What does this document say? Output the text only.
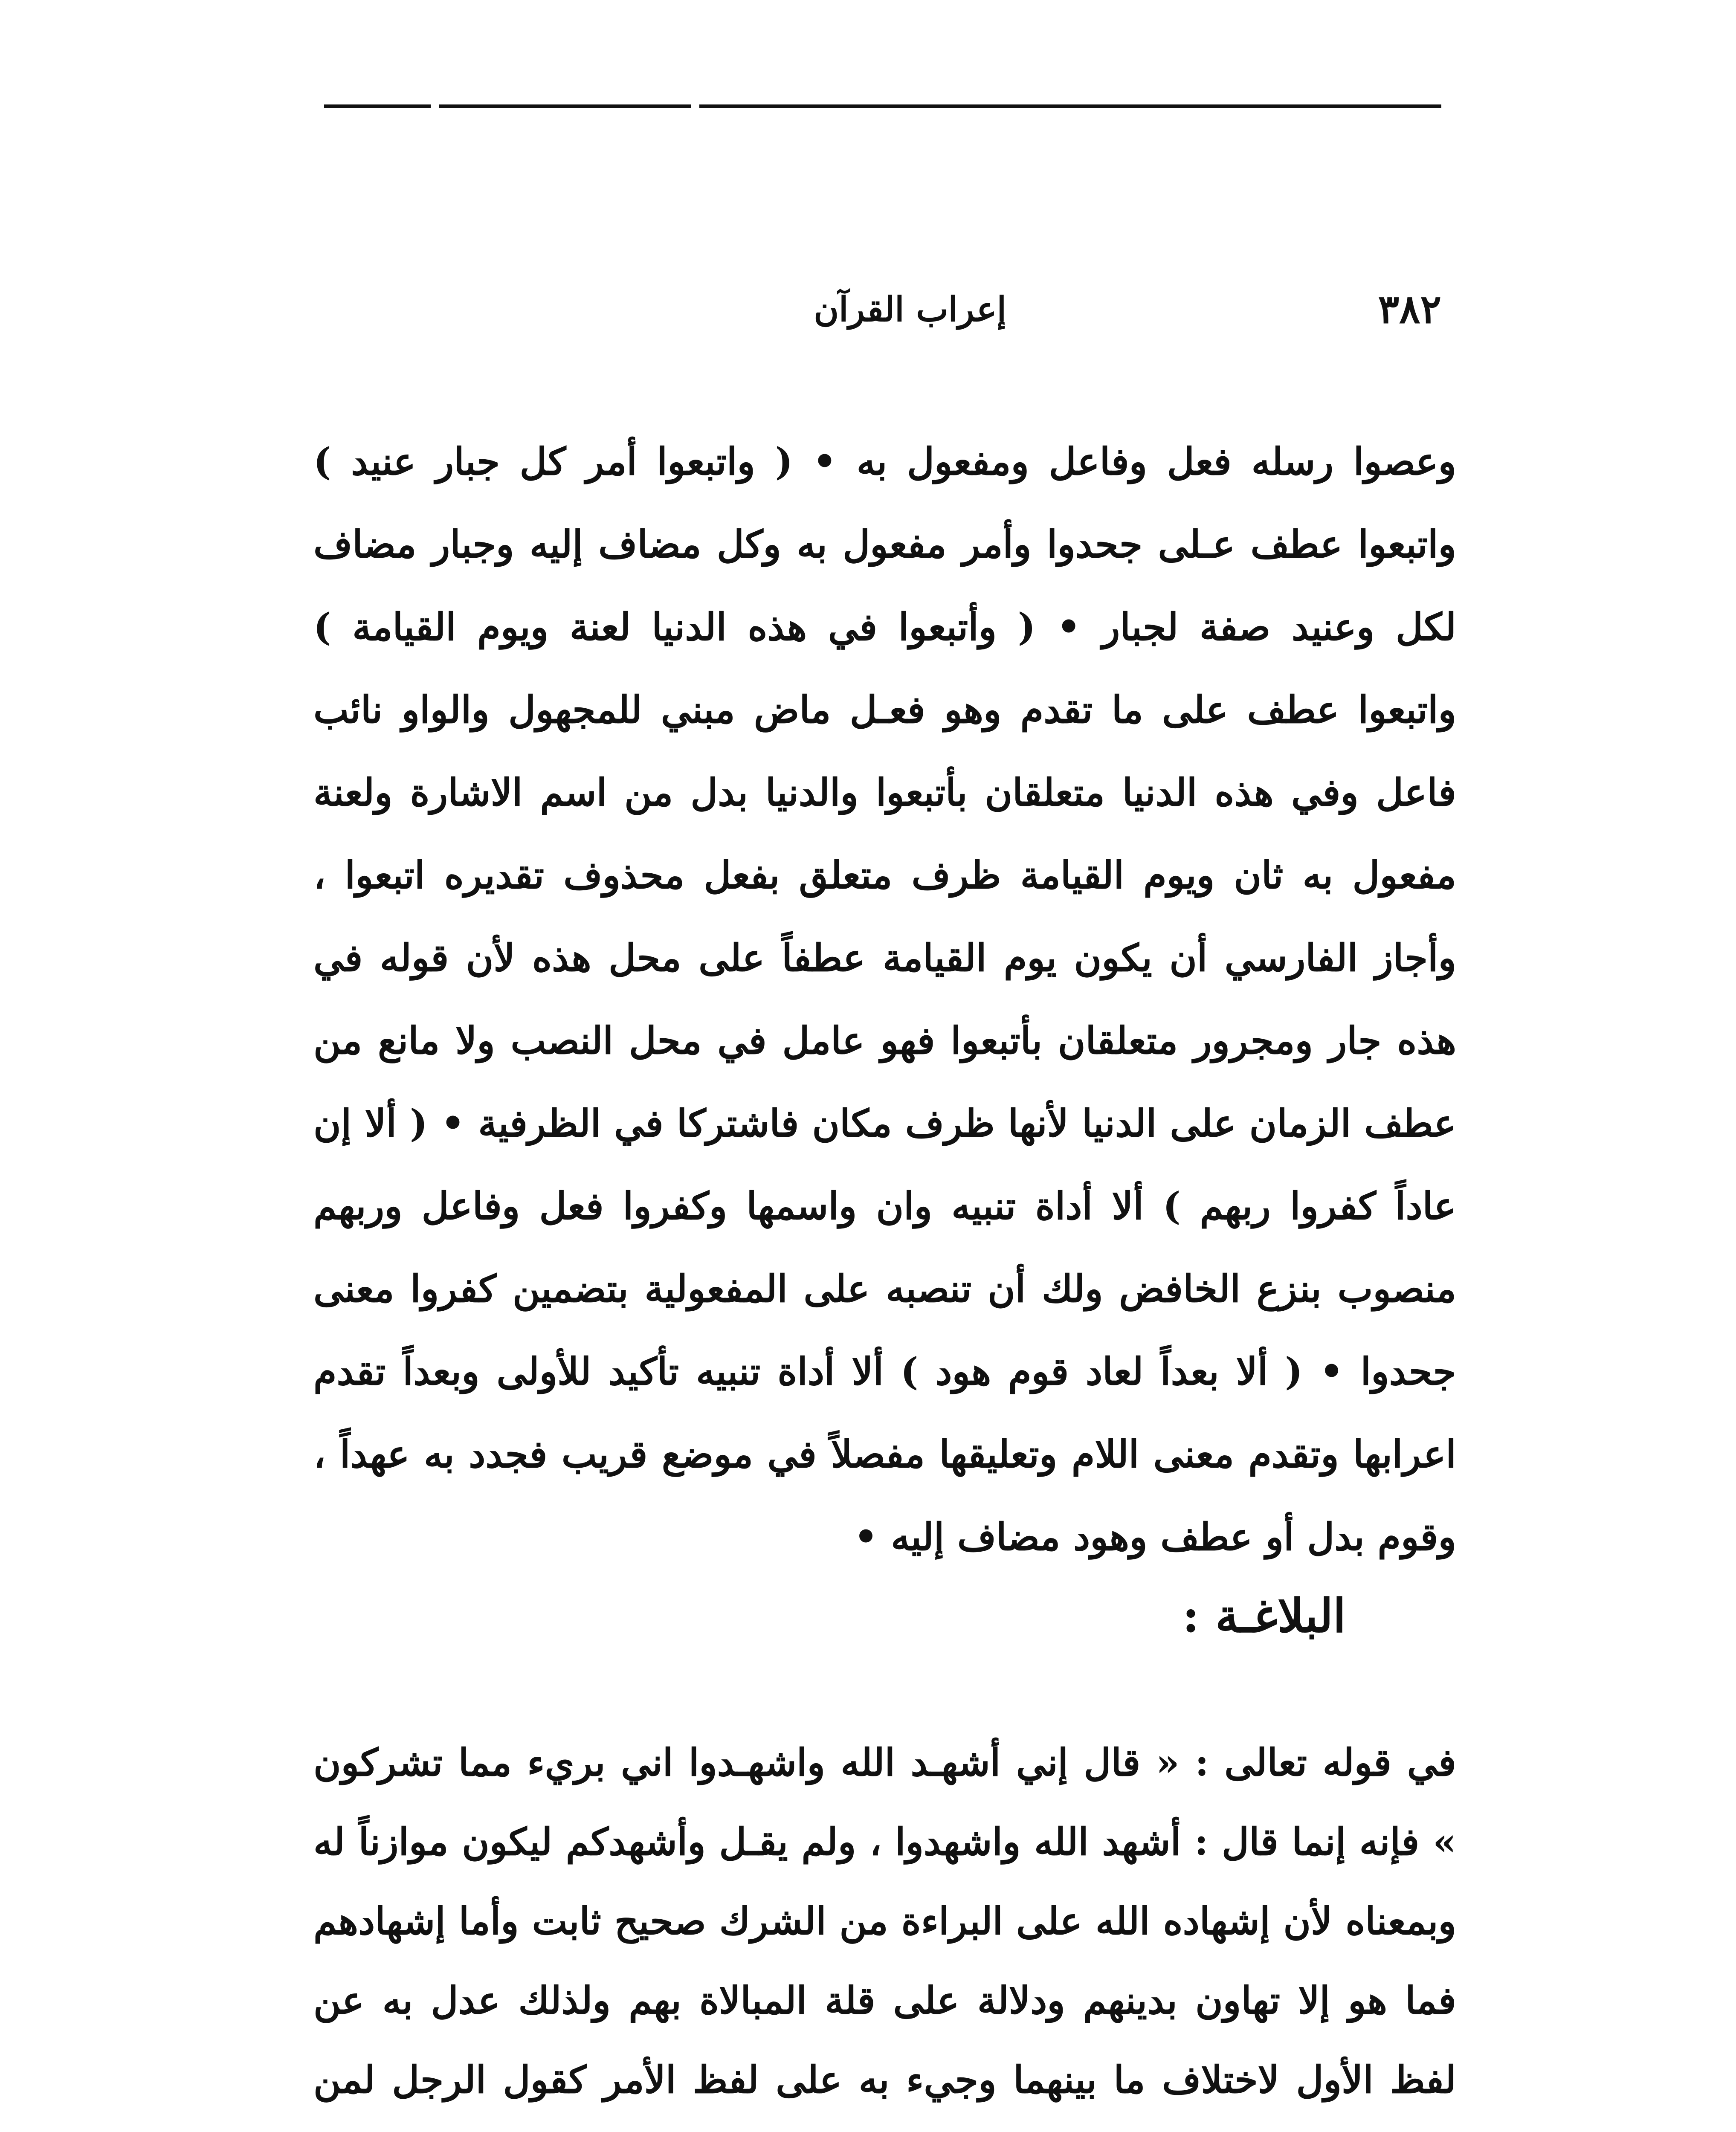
٣٨٢
إعراب القرآن

وعصوا رسله فعل وفاعل ومفعول به • ( واتبعوا أمر كل جبار عنيد ) واتبعوا عطف عـلى جحدوا وأمر مفعول به وكل مضاف إليه وجبار مضاف لكل وعنيد صفة لجبار • ( وأتبعوا في هذه الدنيا لعنة ويوم القيامة ) واتبعوا عطف على ما تقدم وهو فعـل ماض مبني للمجهول والواو نائب فاعل وفي هذه الدنيا متعلقان بأتبعوا والدنيا بدل من اسم الاشارة ولعنة مفعول به ثان ويوم القيامة ظرف متعلق بفعل محذوف تقديره اتبعوا ، وأجاز الفارسي أن يكون يوم القيامة عطفاً على محل هذه لأن قوله في هذه جار ومجرور متعلقان بأتبعوا فهو عامل في محل النصب ولا مانع من عطف الزمان على الدنيا لأنها ظرف مكان فاشتركا في الظرفية • ( ألا إن عاداً كفروا ربهم ) ألا أداة تنبيه وان واسمها وكفروا فعل وفاعل وربهم منصوب بنزع الخافض ولك أن تنصبه على المفعولية بتضمين كفروا معنى جحدوا • ( ألا بعداً لعاد قوم هود ) ألا أداة تنبيه تأكيد للأولى وبعداً تقدم اعرابها وتقدم معنى اللام وتعليقها مفصلاً في موضع قريب فجدد به عهداً ، وقوم بدل أو عطف وهود مضاف إليه •

البلاغـة :

في قوله تعالى : « قال إني أشهـد الله واشهـدوا اني بريء مما تشركون » فإنه إنما قال : أشهد الله واشهدوا ، ولم يقـل وأشهدكم ليكون موازناً له وبمعناه لأن إشهاده الله على البراءة من الشرك صحيح ثابت وأما إشهادهم فما هو إلا تهاون بدينهم ودلالة على قلة المبالاة بهم ولذلك عدل به عن لفظ الأول لاختلاف ما بينهما وجيء به على لفظ الأمر كقول الرجل لمن
